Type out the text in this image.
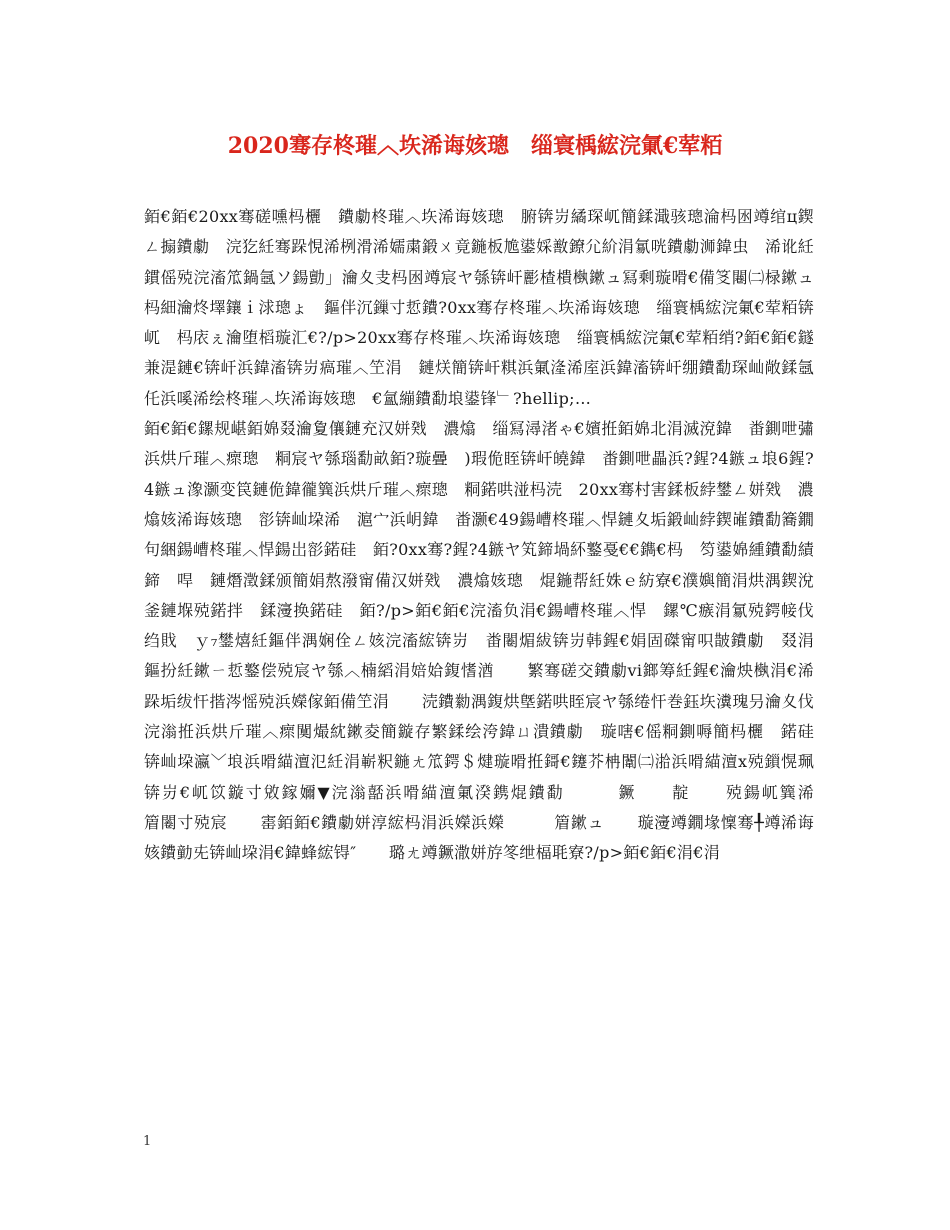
2020骞存柊璀︿垁浠诲姟璁　缁寰楀綋浣氭€荤粨

銆€銆€20xx骞磋嚑杩欐　鐨勮柊璀︿垁浠诲姟璁　腑锛岃繘琛屼簡鍒濈骇璁淪杩囦竴绾ц鍥ㄥ搧鐨勮　浣犵紝骞跺悓浠栵滑浠嬬粛鍛ㄨ竟鍦板尯鍙婇敾鐐尣紒涓氱咣鐨勮浉鍏虫　浠讹紝鏆傜殑浣滀笟鍋氬ソ鍚勯」瀹夊叏杩囦竴宸ヤ綔锛屽彲楂樻槸鏉ュ冩剩璇嗗€備笅闀㈡椂鏉ュ杩細瀹炵墿鑲ｉ浗璁ょ　鏂伴沉鏁寸悊鐨?0xx骞存柊璀︿垁浠诲姟璁　缁寰楀綋浣氭€荤粨锛屼　杩庡ぇ瀹堕槄璇汇€?/p>20xx骞存柊璀︿垁浠诲姟璁　缁寰楀綋浣氭€荤粨绡?銆€銆€鐩兼湜鏈€锛屽浜鍏滀锛岃瘑璀︿笁涓　鏈烪簡锛屽粸浜氭湰浠庢浜鍏滀锛屽绷鐨勫琛屾敞鍒氬仛浜嗘浠绘柊璀︿垁浠诲姟璁　€氳繃鐨勫埌鍙锋﹂?hellip;…

銆€銆€鏍规嵁銆婂叕瀹夐儴鏈充汉姘戣　濃熻　缁冩潯渚ゃ€嬪拰銆婂北涓滅渷鍏　畨鍘呭彇浜烘斤璀︿瘝璁　粡宸ヤ綔瑙勫畝銆?璇曡　)瑕佹眰锛屽皢鍏　畨鍘呭畾浜?鍟?4鏃ュ埌6鍟?4鏃ュ潒灏变笢鏈佹鍏徿簨浜烘斤璀︿瘝璁　粡鍩哄湴杩涜　20xx骞村害鍒板綍鐢ㄥ姘戣　濃熻姟浠诲姟璁　彮锛屾垜浠　滬宀浜岄鍏　畨灏€49鍚嶆柊璀︿悍鏈夊垢鍛屾綍鍥嶉鐨勫簥鐗句綑鍚嶆柊璀︿悍鍚岀彮鍩硅　銆?0xx骞?鍟?4鏃ヤ笂鍗堝紑鐜戞€€鐫€杩　笉鍙婂緟鐨勫績鍗　哻　鏈熸澂鍒颁簡娟熬潑甯備汉姘戣　濃熻姟璁　焜鍦帮紝姝ｅ紡寮€濮嬩簡涓烘湡鍥涗釜鏈堢殑鍩拌　鍒濅换鍩硅　銆?/p>銆€銆€浣滀负涓€鍚嶆柊璀︿悍　鏍℃瘯涓氱殑鍔帹伐绉戝　ｙ₇鐢熺紝鏂伴湡娴佺ㄥ姟浣滀綋锛岃　畨闂煝紱锛岃韩鍟€娟固磔甯呮皵鐨勮　叕涓　鏂扮紝鏉ㄧ悊鐜偿殑宸ヤ綔︿楠縚涓婄姶鍑愭湭　　繁骞磋交鐨勮vi鎯筹紝鍟€瀹炴槸涓€浠跺垢绂忓揩涔愮殑浜嬫傢銆備笁涓　　涜鐨勬湡鍑烘墍鍩哄眰宸ヤ綔绻忓巻鈺垁瀵瑰叧瀹夊伐浣滃拰浜烘斤璀︿瘝闃熶紞鏉夌簡鏇存繁鍒绘洿鍏ㄩ潰鐨勮　璇嗐€傜粡鍘嗕簡杩欐　鍩硅　锛屾垜瀛﹀埌浜嗗緢澶氾紝涓嶄粎鍦ㄤ笟鍔＄煡璇嗗拰鎶€鑳芥柟闈㈡湁浜嗗緢澶х殑鎻愰珮锛岃€屼笖鏇寸敓鎵嬭▼浣滃嚭浜嗗緢澶氭湀鎸焜鐨勫　　　鐝　　靛　　殑鍚屼簨浠　　　篃闂寸殑宸　　寚銆銆€鐨勮姘淳綋杩涓浜嬫浜嬫　　　篃鏉ュ　　璇濅竴鐗堟懍骞╀竴浠诲姟鐨勭兂锛屾垜涓€鍏蜂綋锝″　　璐ㄤ竴鐝潵姘斿笗绁楅毦寮?/p>銆€銆€涓€涓

1
